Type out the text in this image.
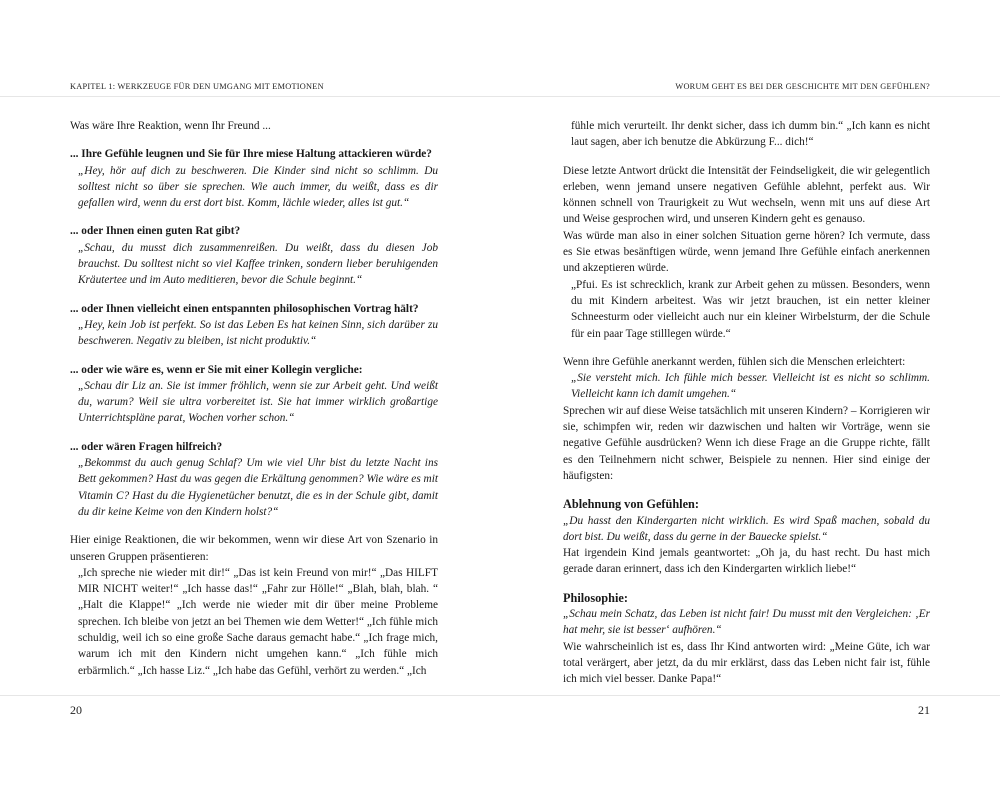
KAPITEL 1: WERKZEUGE FÜR DEN UMGANG MIT EMOTIONEN	WORUM GEHT ES BEI DER GESCHICHTE MIT DEN GEFÜHLEN?

Was wäre Ihre Reaktion, wenn Ihr Freund ...

... Ihre Gefühle leugnen und Sie für Ihre miese Haltung attackieren würde?

„Hey, hör auf dich zu beschweren. Die Kinder sind nicht so schlimm. Du solltest nicht so über sie sprechen. Wie auch immer, du weißt, dass es dir gefallen wird, wenn du erst dort bist. Komm, lächle wieder, alles ist gut.“

... oder Ihnen einen guten Rat gibt?

„Schau, du musst dich zusammenreißen. Du weißt, dass du diesen Job brauchst. Du solltest nicht so viel Kaffee trinken, sondern lieber beruhigenden Kräutertee und im Auto meditieren, bevor die Schule beginnt.“

... oder Ihnen vielleicht einen entspannten philosophischen Vortrag hält?

„Hey, kein Job ist perfekt. So ist das Leben Es hat keinen Sinn, sich darüber zu beschweren. Negativ zu bleiben, ist nicht produktiv.“

... oder wie wäre es, wenn er Sie mit einer Kollegin vergliche:

„Schau dir Liz an. Sie ist immer fröhlich, wenn sie zur Arbeit geht. Und weißt du, warum? Weil sie ultra vorbereitet ist. Sie hat immer wirklich großartige Unterrichtspläne parat, Wochen vorher schon.“

... oder wären Fragen hilfreich?

„Bekommst du auch genug Schlaf? Um wie viel Uhr bist du letzte Nacht ins Bett gekommen? Hast du was gegen die Erkältung genommen? Wie wäre es mit Vitamin C? Hast du die Hygienetücher benutzt, die es in der Schule gibt, damit du dir keine Keime von den Kindern holst?“

Hier einige Reaktionen, die wir bekommen, wenn wir diese Art von Szenario in unseren Gruppen präsentieren:

„Ich spreche nie wieder mit dir!“ „Das ist kein Freund von mir!“ „Das HILFT MIR NICHT weiter!“ „Ich hasse das!“ „Fahr zur Hölle!“ „Blah, blah, blah. “ „Halt die Klappe!“ „Ich werde nie wieder mit dir über meine Probleme sprechen. Ich bleibe von jetzt an bei Themen wie dem Wetter!“ „Ich fühle mich schuldig, weil ich so eine große Sache daraus gemacht habe.“ „Ich frage mich, warum ich mit den Kindern nicht umgehen kann.“ „Ich fühle mich erbärmlich.“ „Ich hasse Liz.“ „Ich habe das Gefühl, verhört zu werden.“ „Ich

fühle mich verurteilt. Ihr denkt sicher, dass ich dumm bin.“ „Ich kann es nicht laut sagen, aber ich benutze die Abkürzung F... dich!“

Diese letzte Antwort drückt die Intensität der Feindseligkeit, die wir gelegentlich erleben, wenn jemand unsere negativen Gefühle ablehnt, perfekt aus. Wir können schnell von Traurigkeit zu Wut wechseln, wenn mit uns auf diese Art und Weise gesprochen wird, und unseren Kindern geht es genauso.

Was würde man also in einer solchen Situation gerne hören? Ich vermute, dass es Sie etwas besänftigen würde, wenn jemand Ihre Gefühle einfach anerkennen und akzeptieren würde.

„Pfui. Es ist schrecklich, krank zur Arbeit gehen zu müssen. Besonders, wenn du mit Kindern arbeitest. Was wir jetzt brauchen, ist ein netter kleiner Schneesturm oder vielleicht auch nur ein kleiner Wirbelsturm, der die Schule für ein paar Tage stilllegen würde.“

Wenn ihre Gefühle anerkannt werden, fühlen sich die Menschen erleichtert:

„Sie versteht mich. Ich fühle mich besser. Vielleicht ist es nicht so schlimm. Vielleicht kann ich damit umgehen.“

Sprechen wir auf diese Weise tatsächlich mit unseren Kindern? – Korrigieren wir sie, schimpfen wir, reden wir dazwischen und halten wir Vorträge, wenn sie negative Gefühle ausdrücken? Wenn ich diese Frage an die Gruppe richte, fällt es den Teilnehmern nicht schwer, Beispiele zu nennen. Hier sind einige der häufigsten:

Ablehnung von Gefühlen:

„Du hasst den Kindergarten nicht wirklich. Es wird Spaß machen, sobald du dort bist. Du weißt, dass du gerne in der Bauecke spielst.“

Hat irgendein Kind jemals geantwortet: „Oh ja, du hast recht. Du hast mich gerade daran erinnert, dass ich den Kindergarten wirklich liebe!“

Philosophie:

„Schau mein Schatz, das Leben ist nicht fair! Du musst mit den Vergleichen: ‚Er hat mehr, sie ist besser‘ aufhören.“

Wie wahrscheinlich ist es, dass Ihr Kind antworten wird: „Meine Güte, ich war total verärgert, aber jetzt, da du mir erklärst, dass das Leben nicht fair ist, fühle ich mich viel besser. Danke Papa!“

20	21
